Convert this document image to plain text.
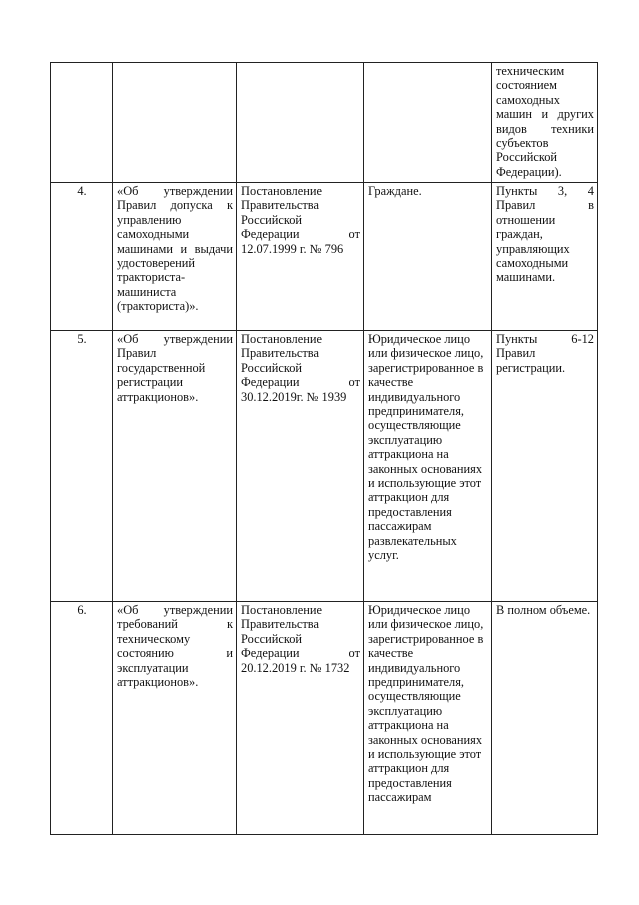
				техническим состоянием самоходных машин и других видов техники субъектов Российской Федерации).
4.	«Об утверждении Правил допуска к управлению самоходными машинами и выдачи удостоверений тракториста-машиниста (тракториста)».	Постановление Правительства Российской Федерации от 12.07.1999 г. № 796	Граждане.	Пункты 3, 4 Правил в отношении граждан, управляющих самоходными машинами.
5.	«Об утверждении Правил государственной регистрации аттракционов».	Постановление Правительства Российской Федерации от 30.12.2019г. № 1939	Юридическое лицо или физическое лицо, зарегистрированное в качестве индивидуального предпринимателя, осуществляющие эксплуатацию аттракциона на законных основаниях и использующие этот аттракцион для предоставления пассажирам развлекательных услуг.	Пункты 6-12 Правил регистрации.
6.	«Об утверждении требований к техническому состоянию и эксплуатации аттракционов».	Постановление Правительства Российской Федерации от 20.12.2019 г. № 1732	Юридическое лицо или физическое лицо, зарегистрированное в качестве индивидуального предпринимателя, осуществляющие эксплуатацию аттракциона на законных основаниях и использующие этот аттракцион для предоставления пассажирам	В полном объеме.
